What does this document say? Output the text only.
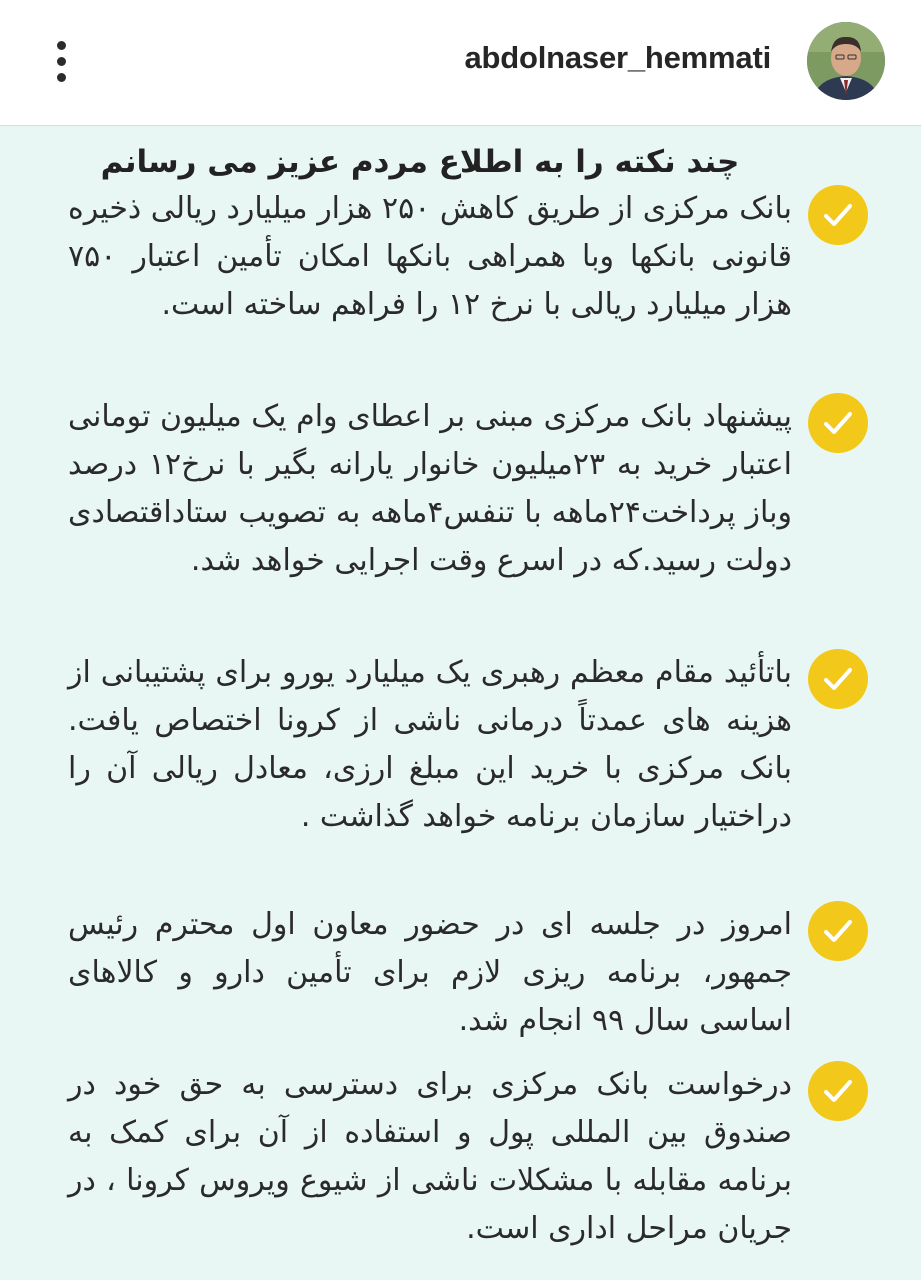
abdolnaser_hemmati
چند نکته را به اطلاع مردم عزیز می رسانم
بانک مرکزی از طریق کاهش ۲۵۰ هزار میلیارد ریالی ذخیره قانونی بانکها وبا همراهی بانکها امکان تأمین اعتبار ۷۵۰ هزار میلیارد ریالی با نرخ ۱۲ را فراهم ساخته است.
پیشنهاد بانک مرکزی مبنی بر اعطای وام یک میلیون تومانی اعتبار خرید به ۲۳میلیون خانوار یارانه بگیر با نرخ۱۲ درصد وباز پرداخت۲۴ماهه با تنفس۴ماهه به تصویب ستاداقتصادی دولت رسید.که در اسرع وقت اجرایی خواهد شد.
باتأئید مقام معظم رهبری یک میلیارد یورو برای پشتیبانی از هزینه های عمدتاً درمانی ناشی از کرونا اختصاص یافت. بانک مرکزی با خرید این مبلغ ارزی، معادل ریالی آن را دراختیار سازمان برنامه خواهد گذاشت .
امروز در جلسه ای در حضور معاون اول محترم رئیس جمهور، برنامه ریزی لازم برای تأمین دارو و کالاهای اساسی سال ۹۹ انجام شد.
درخواست بانک مرکزی برای دسترسی به حق خود در صندوق بین المللی پول و استفاده از آن برای کمک به برنامه مقابله با مشکلات ناشی از شیوع ویروس کرونا ، در جریان مراحل اداری است.
